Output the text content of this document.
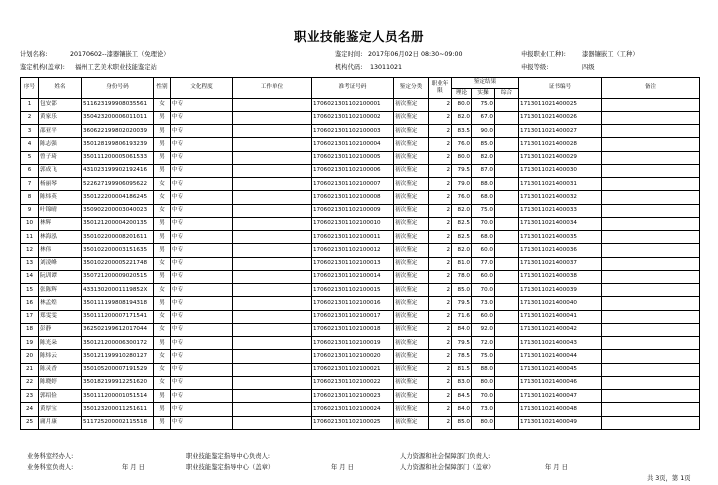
职业技能鉴定人员名册
计划名称:	20170602--漆器镶嵌工（免理论）	鉴定时间: 2017年06月02日 08:30~09:00	申报职业(工种):	漆器镶嵌工（工种）
鉴定机构(盖章): 福州工艺美术职业技能鉴定站	机构代码: 13011021	申报等级:	四级
序号	姓名	身份号码	性别	文化程度	工作单位	准考证号码	鉴定分类	职业年限	鉴定结果			证书编号	备注
									理论	实操	综合		
1	包安郃	511623199908035561	女	中专		1706021301102100001	初次鉴定	2	80.0	75.0		1713011021400025	
2	黄家乐	350423200006011011	男	中专		1706021301102100002	初次鉴定	2	82.0	67.0		1713011021400026	
3	邵亚平	360622199802020039	男	中专		1706021301102100003	初次鉴定	2	83.5	90.0		1713011021400027	
4	陈志强	350128199806193239	男	中专		1706021301102100004	初次鉴定	2	76.0	85.0		1713011021400028	
5	曾子琦	350111200005061533	男	中专		1706021301102100005	初次鉴定	2	80.0	82.0		1713011021400029	
6	郭成飞	431023199902192416	男	中专		1706021301102100006	初次鉴定	2	79.5	87.0		1713011021400030	
7	杨丽琴	522627199906095622	女	中专		1706021301102100007	初次鉴定	2	79.0	88.0		1713011021400031	
8	陈炜英	350122200004186245	女	中专		1706021301102100008	初次鉴定	2	76.0	68.0		1713011021400032	
9	叶锦晴	350902200003040023	女	中专		1706021301102100009	初次鉴定	2	82.0	75.0		1713011021400033	
10	林辉	350121200004200135	男	中专		1706021301102100010	初次鉴定	2	82.5	70.0		1713011021400034	
11	林海泓	350102200008201611	男	中专		1706021301102100011	初次鉴定	2	82.5	68.0		1713011021400035	
12	林伟	350102200003151635	男	中专		1706021301102100012	初次鉴定	2	82.0	60.0		1713011021400036	
13	刘凌峰	350102200005221748	女	中专		1706021301102100013	初次鉴定	2	81.0	77.0		1713011021400037	
14	阮训谭	350721200009020515	男	中专		1706021301102100014	初次鉴定	2	78.0	60.0		1713011021400038	
15	张陈辉	43313020001119852X	女	中专		1706021301102100015	初次鉴定	2	85.0	70.0		1713011021400039	
16	林孟煌	350111199808194318	男	中专		1706021301102100016	初次鉴定	2	79.5	73.0		1713011021400040	
17	郑雯雯	350111200007171541	女	中专		1706021301102100017	初次鉴定	2	71.6	60.0		1713011021400041	
18	彭静	362502199612017044	女	中专		1706021301102100018	初次鉴定	2	84.0	92.0		1713011021400042	
19	陈光朵	350121200006300172	男	中专		1706021301102100019	初次鉴定	2	79.5	72.0		1713011021400043	
20	陈炜云	350121199910280127	女	中专		1706021301102100020	初次鉴定	2	78.5	75.0		1713011021400044	
21	陈灵香	350105200007191529	女	中专		1706021301102100021	初次鉴定	2	81.5	88.0		1713011021400045	
22	陈晓婷	350182199912251620	女	中专		1706021301102100022	初次鉴定	2	83.0	80.0		1713011021400046	
23	郭绍俭	350111200001051514	男	中专		1706021301102100023	初次鉴定	2	84.5	70.0		1713011021400047	
24	黄厚宝	350123200011251611	男	中专		1706021301102100024	初次鉴定	2	84.0	73.0		1713011021400048	
25	庸月康	511725200002115518	男	中专		1706021301102100025	初次鉴定	2	85.0	80.0		1713011021400049	
业务科室经办人:
业务科室负责人:	年 月 日
职业技能鉴定指导中心负责人:
职业技能鉴定指导中心（盖章）	年 月 日
人力资源和社会保障部门负责人:
人力资源和社会保障部门（盖章）	年 月 日
共 3页，第 1页
